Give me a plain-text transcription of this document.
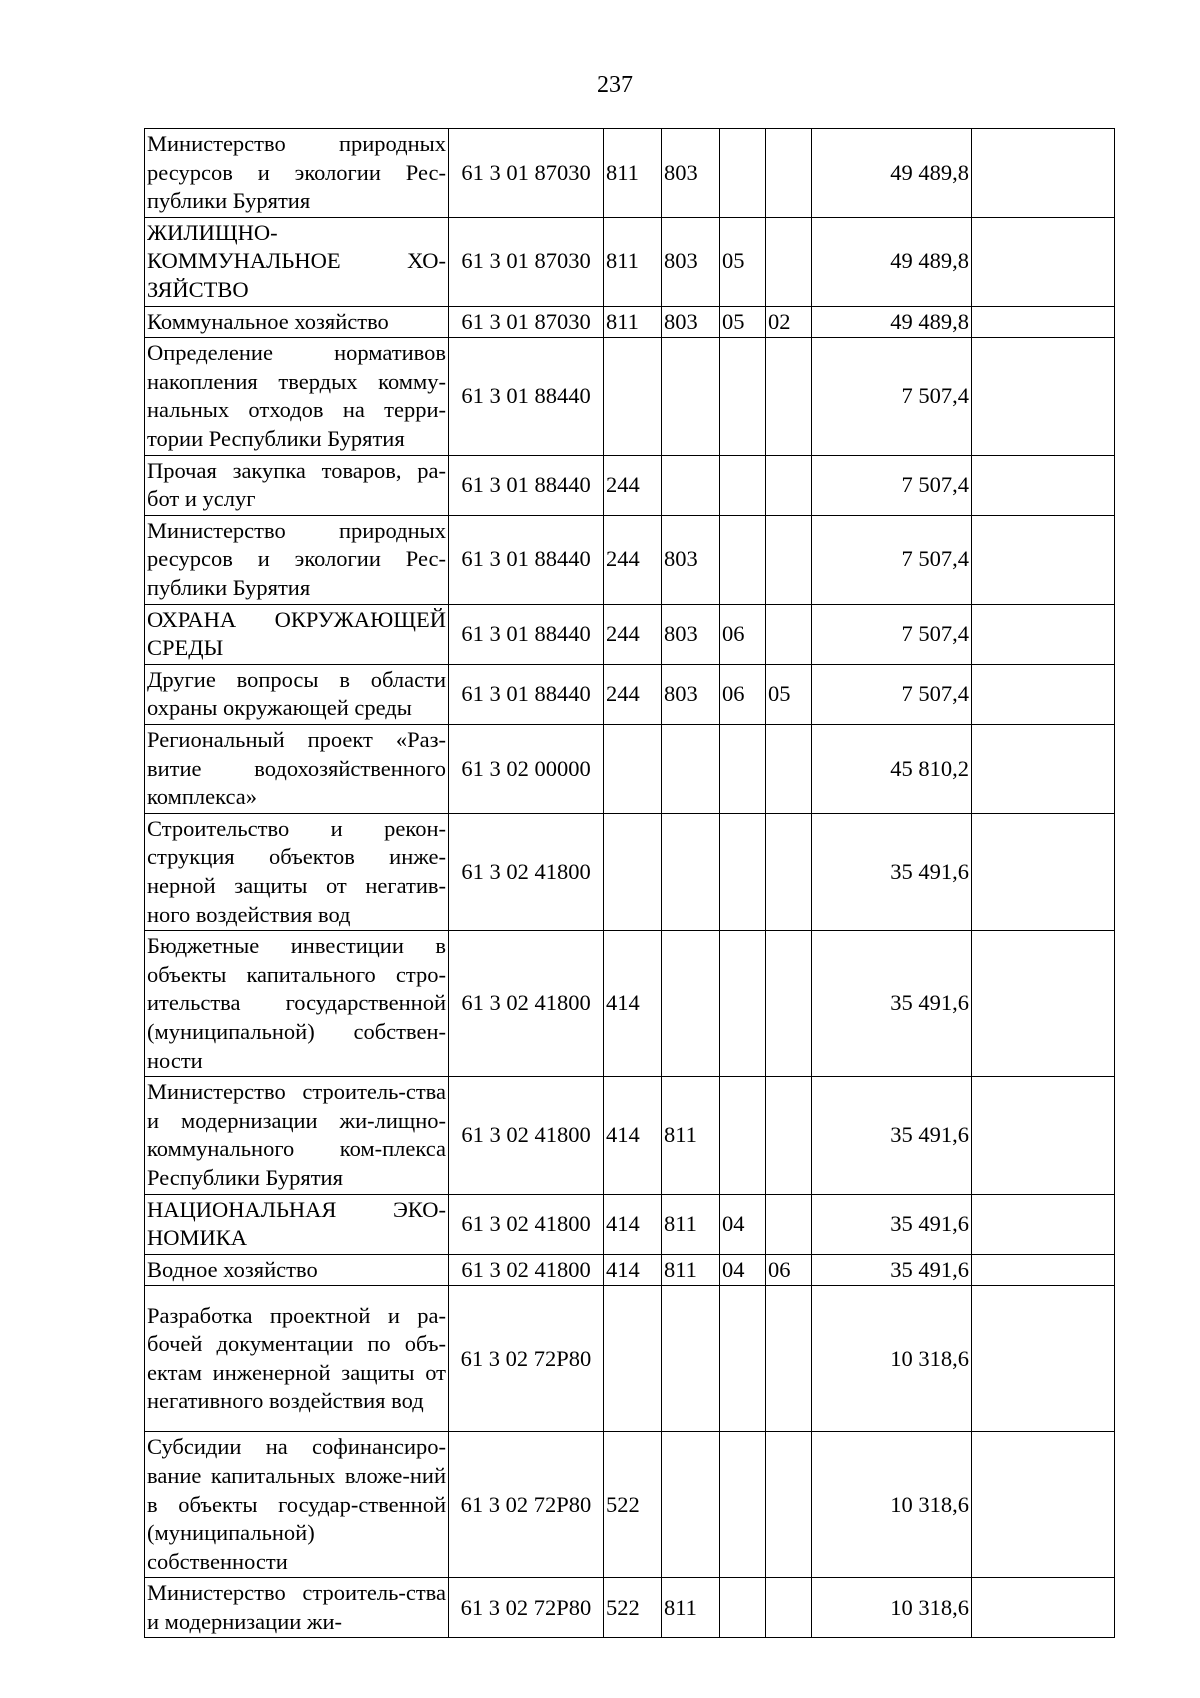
237
Министерство природных ресурсов и экологии Рес-публики Бурятия	61 3 01 87030	811	803			49 489,8	
ЖИЛИЩНО-КОММУНАЛЬНОЕ ХО-ЗЯЙСТВО	61 3 01 87030	811	803	05		49 489,8	
Коммунальное хозяйство	61 3 01 87030	811	803	05	02	49 489,8	
Определение нормативов накопления твердых комму-нальных отходов на терри-тории Республики Бурятия	61 3 01 88440					7 507,4	
Прочая закупка товаров, ра-бот и услуг	61 3 01 88440	244				7 507,4	
Министерство природных ресурсов и экологии Рес-публики Бурятия	61 3 01 88440	244	803			7 507,4	
ОХРАНА ОКРУЖАЮЩЕЙ СРЕДЫ	61 3 01 88440	244	803	06		7 507,4	
Другие вопросы в области охраны окружающей среды	61 3 01 88440	244	803	06	05	7 507,4	
Региональный проект «Раз-витие водохозяйственного комплекса»	61 3 02 00000					45 810,2	
Строительство и рекон-струкция объектов инже-нерной защиты от негатив-ного воздействия вод	61 3 02 41800					35 491,6	
Бюджетные инвестиции в объекты капитального стро-ительства государственной (муниципальной) собствен-ности	61 3 02 41800	414				35 491,6	
Министерство строитель-ства и модернизации жи-лищно-коммунального ком-плекса Республики Бурятия	61 3 02 41800	414	811			35 491,6	
НАЦИОНАЛЬНАЯ ЭКО-НОМИКА	61 3 02 41800	414	811	04		35 491,6	
Водное хозяйство	61 3 02 41800	414	811	04	06	35 491,6	
Разработка проектной и ра-бочей документации по объ-ектам инженерной защиты от негативного воздействия вод	61 3 02 72Р80					10 318,6	
Субсидии на софинансиро-вание капитальных вложе-ний в объекты государ-ственной (муниципальной) собственности	61 3 02 72Р80	522				10 318,6	
Министерство строитель-ства и модернизации жи-	61 3 02 72Р80	522	811			10 318,6	
